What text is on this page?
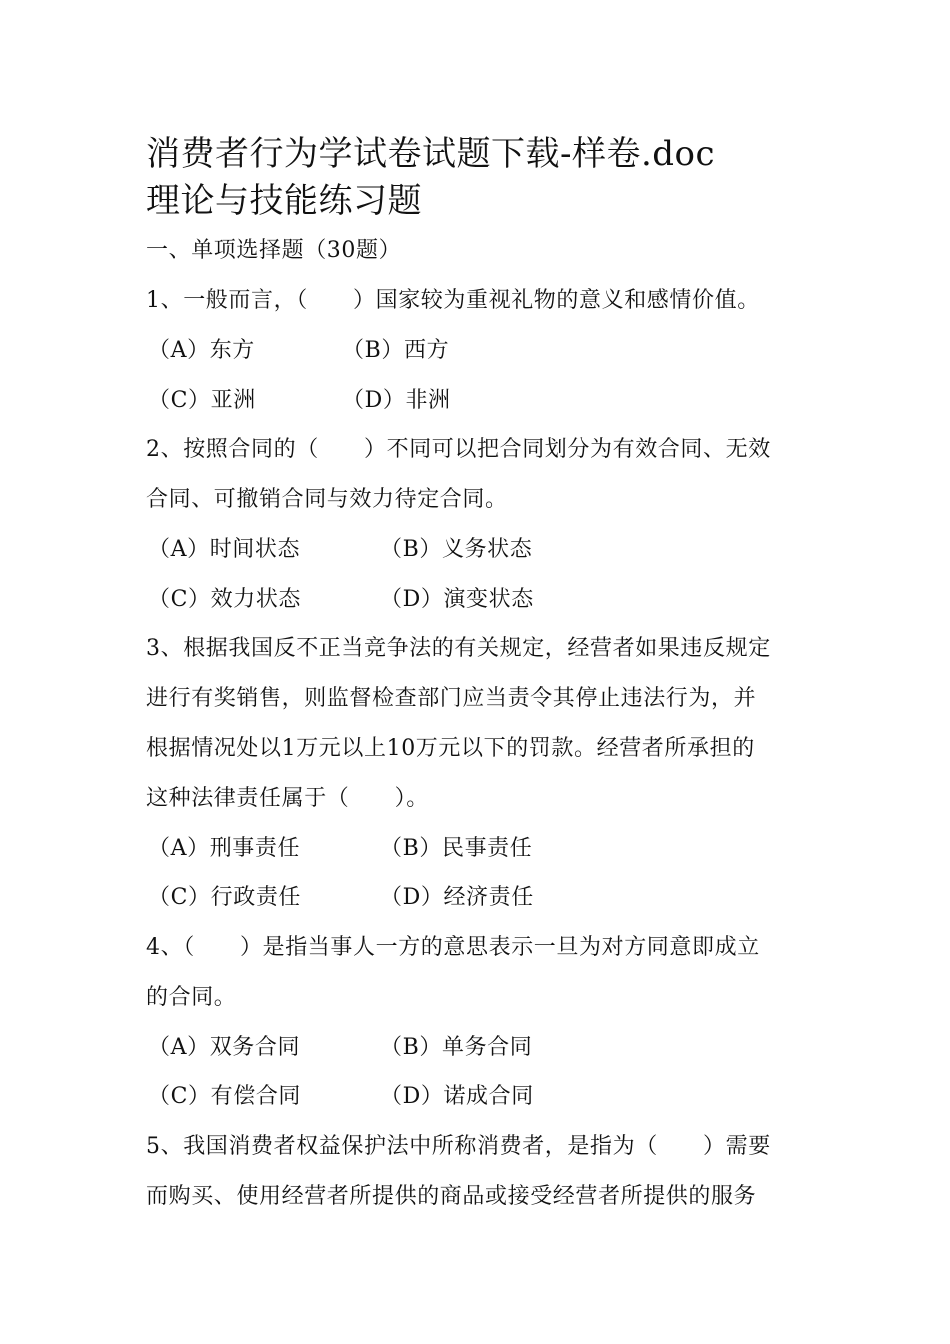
消费者行为学试卷试题下载-样卷.doc
理论与技能练习题
一、单项选择题（30题）
1、一般而言，（　　）国家较为重视礼物的意义和感情价值。
（A）东方	（B）西方
（C）亚洲	（D）非洲
2、按照合同的（　　）不同可以把合同划分为有效合同、无效
合同、可撤销合同与效力待定合同。
（A）时间状态	（B）义务状态
（C）效力状态	（D）演变状态
3、根据我国反不正当竞争法的有关规定，经营者如果违反规定
进行有奖销售，则监督检查部门应当责令其停止违法行为，并
根据情况处以1万元以上10万元以下的罚款。经营者所承担的
这种法律责任属于（　　）。
（A）刑事责任	（B）民事责任
（C）行政责任	（D）经济责任
4、（　　）是指当事人一方的意思表示一旦为对方同意即成立
的合同。
（A）双务合同	（B）单务合同
（C）有偿合同	（D）诺成合同
5、我国消费者权益保护法中所称消费者，是指为（　　）需要
而购买、使用经营者所提供的商品或接受经营者所提供的服务
